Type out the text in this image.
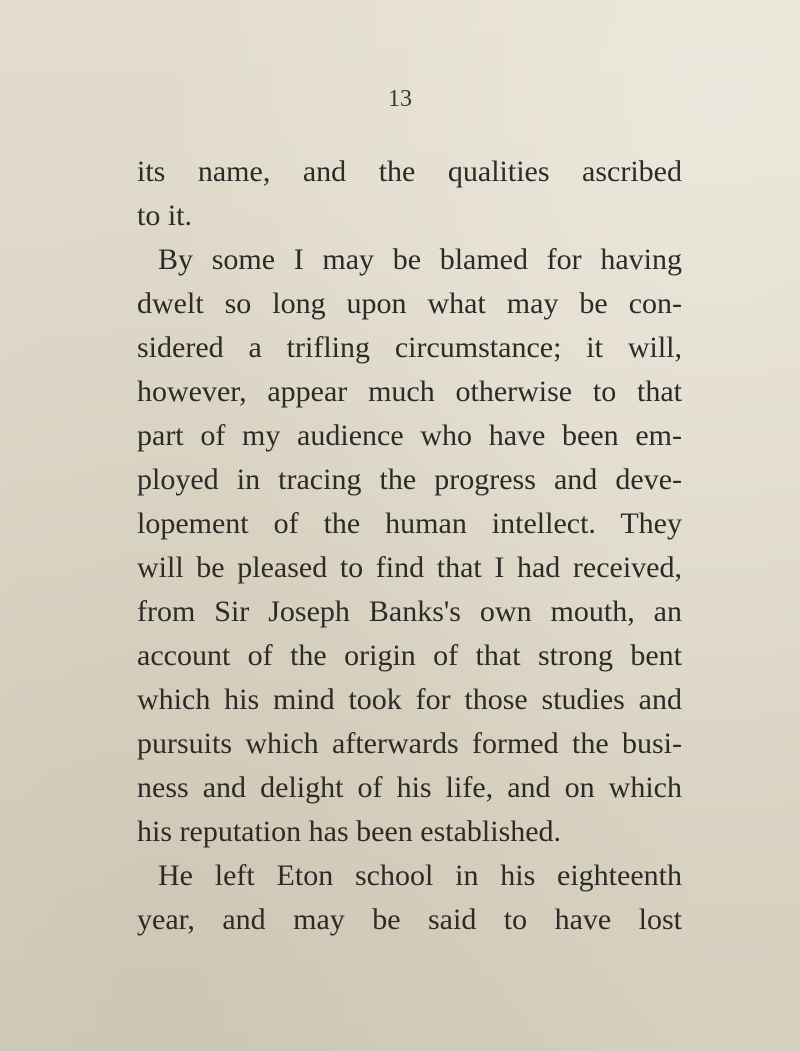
13
its name, and the qualities ascribed
to it.
By some I may be blamed for having
dwelt so long upon what may be con-
sidered a trifling circumstance; it will,
however, appear much otherwise to that
part of my audience who have been em-
ployed in tracing the progress and deve-
lopement of the human intellect. They
will be pleased to find that I had received,
from Sir Joseph Banks's own mouth, an
account of the origin of that strong bent
which his mind took for those studies and
pursuits which afterwards formed the busi-
ness and delight of his life, and on which
his reputation has been established.
He left Eton school in his eighteenth
year, and may be said to have lost
